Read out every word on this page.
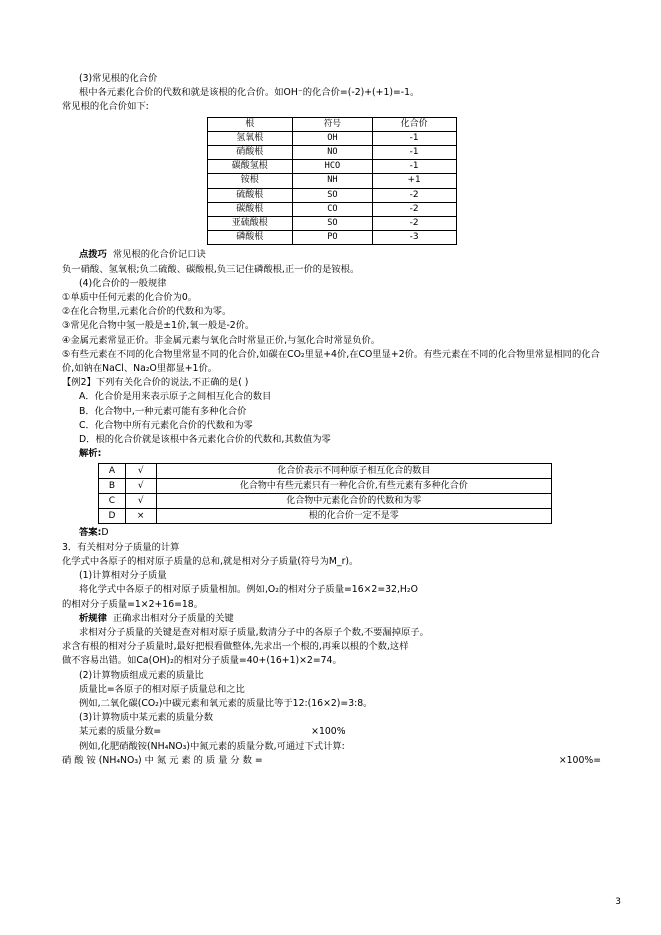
(3)常见根的化合价

根中各元素化合价的代数和就是该根的化合价。如OH⁻的化合价=(-2)+(+1)=-1。

常见根的化合价如下:

根	符号	化合价
氢氧根	OH	-1
硝酸根	NO	-1
碳酸氢根	HCO	-1
铵根	NH	+1
硫酸根	SO	-2
碳酸根	CO	-2
亚硫酸根	SO	-2
磷酸根	PO	-3

点拨巧 常见根的化合价记口诀

负一硝酸、氢氧根;负二硫酸、碳酸根,负三记住磷酸根,正一价的是铵根。

(4)化合价的一般规律

①单质中任何元素的化合价为0。

②在化合物里,元素化合价的代数和为零。

③常见化合物中氢一般是±1价,氧一般是-2价。

④金属元素常显正价。非金属元素与氧化合时常显正价,与氢化合时常显负价。

⑤有些元素在不同的化合物里常显不同的化合价,如碳在CO₂里显+4价,在CO里显+2价。有些元素在不同的化合物里常显相同的化合价,如钠在NaCl、Na₂O里都显+1价。

【例2】下列有关化合价的说法,不正确的是( )

A．化合价是用来表示原子之间相互化合的数目

B．化合物中,一种元素可能有多种化合价

C．化合物中所有元素化合价的代数和为零

D．根的化合价就是该根中各元素化合价的代数和,其数值为零

解析:

A	√	化合价表示不同种原子相互化合的数目
B	√	化合物中有些元素只有一种化合价,有些元素有多种化合价
C	√	化合物中元素化合价的代数和为零
D	×	根的化合价一定不是零

答案:D

3．有关相对分子质量的计算

化学式中各原子的相对原子质量的总和,就是相对分子质量(符号为M_r)。

(1)计算相对分子质量

将化学式中各原子的相对原子质量相加。例如,O₂的相对分子质量=16×2=32,H₂O

的相对分子质量=1×2+16=18。

析规律 正确求出相对分子质量的关键

求相对分子质量的关键是查对相对原子质量,数清分子中的各原子个数,不要漏掉原子。

求含有根的相对分子质量时,最好把根看做整体,先求出一个根的,再乘以根的个数,这样

做不容易出错。如Ca(OH)₂的相对分子质量=40+(16+1)×2=74。

(2)计算物质组成元素的质量比

质量比=各原子的相对原子质量总和之比

例如,二氧化碳(CO₂)中碳元素和氧元素的质量比等于12:(16×2)=3:8。

(3)计算物质中某元素的质量分数

某元素的质量分数=	×100%

例如,化肥硝酸铵(NH₄NO₃)中氮元素的质量分数,可通过下式计算:

硝 酸 铵 (NH₄NO₃) 中 氮 元 素 的 质 量 分 数 =	×100%=
3
